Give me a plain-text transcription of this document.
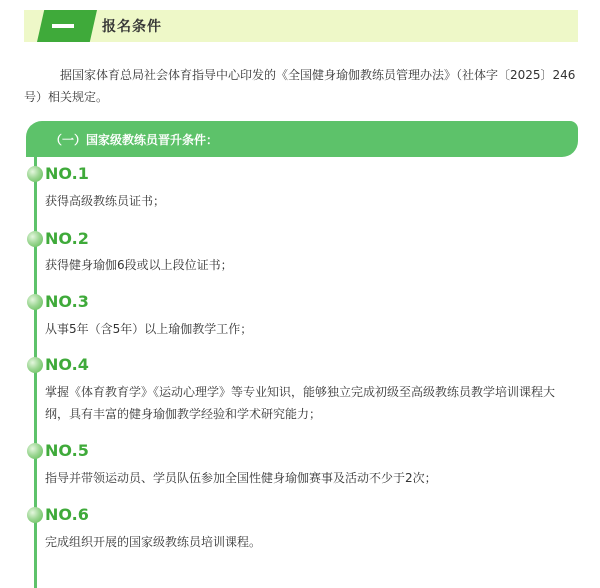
报名条件

据国家体育总局社会体育指导中心印发的《全国健身瑜伽教练员管理办法》（社体字〔2025〕246号）相关规定。

（一）国家级教练员晋升条件：
NO.1
获得高级教练员证书；
NO.2
获得健身瑜伽6段或以上段位证书；
NO.3
从事5年（含5年）以上瑜伽教学工作；
NO.4
掌握《体育教育学》《运动心理学》等专业知识，能够独立完成初级至高级教练员教学培训课程大纲，具有丰富的健身瑜伽教学经验和学术研究能力；
NO.5
指导并带领运动员、学员队伍参加全国性健身瑜伽赛事及活动不少于2次；
NO.6
完成组织开展的国家级教练员培训课程。
